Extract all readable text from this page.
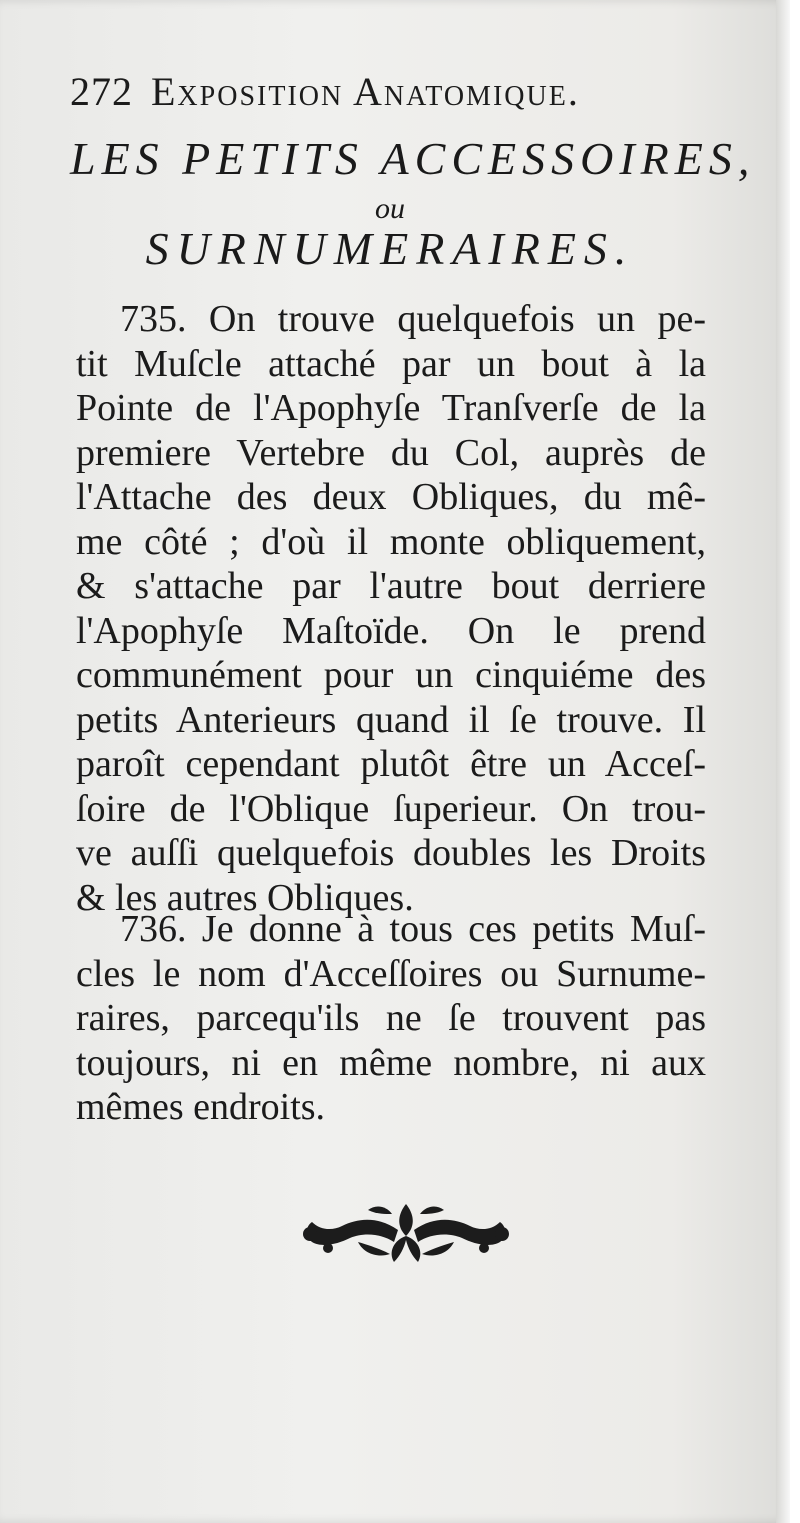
272 Exposition Anatomique.
LES PETITS ACCESSOIRES,
ou
SURNUMERAIRES.
735. On trouve quelquefois un pe-
tit Muſcle attaché par un bout à la
Pointe de l'Apophyſe Tranſverſe de la
premiere Vertebre du Col, auprès de
l'Attache des deux Obliques, du mê-
me côté ; d'où il monte obliquement,
& s'attache par l'autre bout derriere
l'Apophyſe Maſtoïde. On le prend
communément pour un cinquiéme des
petits Anterieurs quand il ſe trouve. Il
paroît cependant plutôt être un Acceſ-
ſoire de l'Oblique ſuperieur. On trou-
ve auſſi quelquefois doubles les Droits
& les autres Obliques.
736. Je donne à tous ces petits Muſ-
cles le nom d'Acceſſoires ou Surnume-
raires, parcequ'ils ne ſe trouvent pas
toujours, ni en même nombre, ni aux
mêmes endroits.
